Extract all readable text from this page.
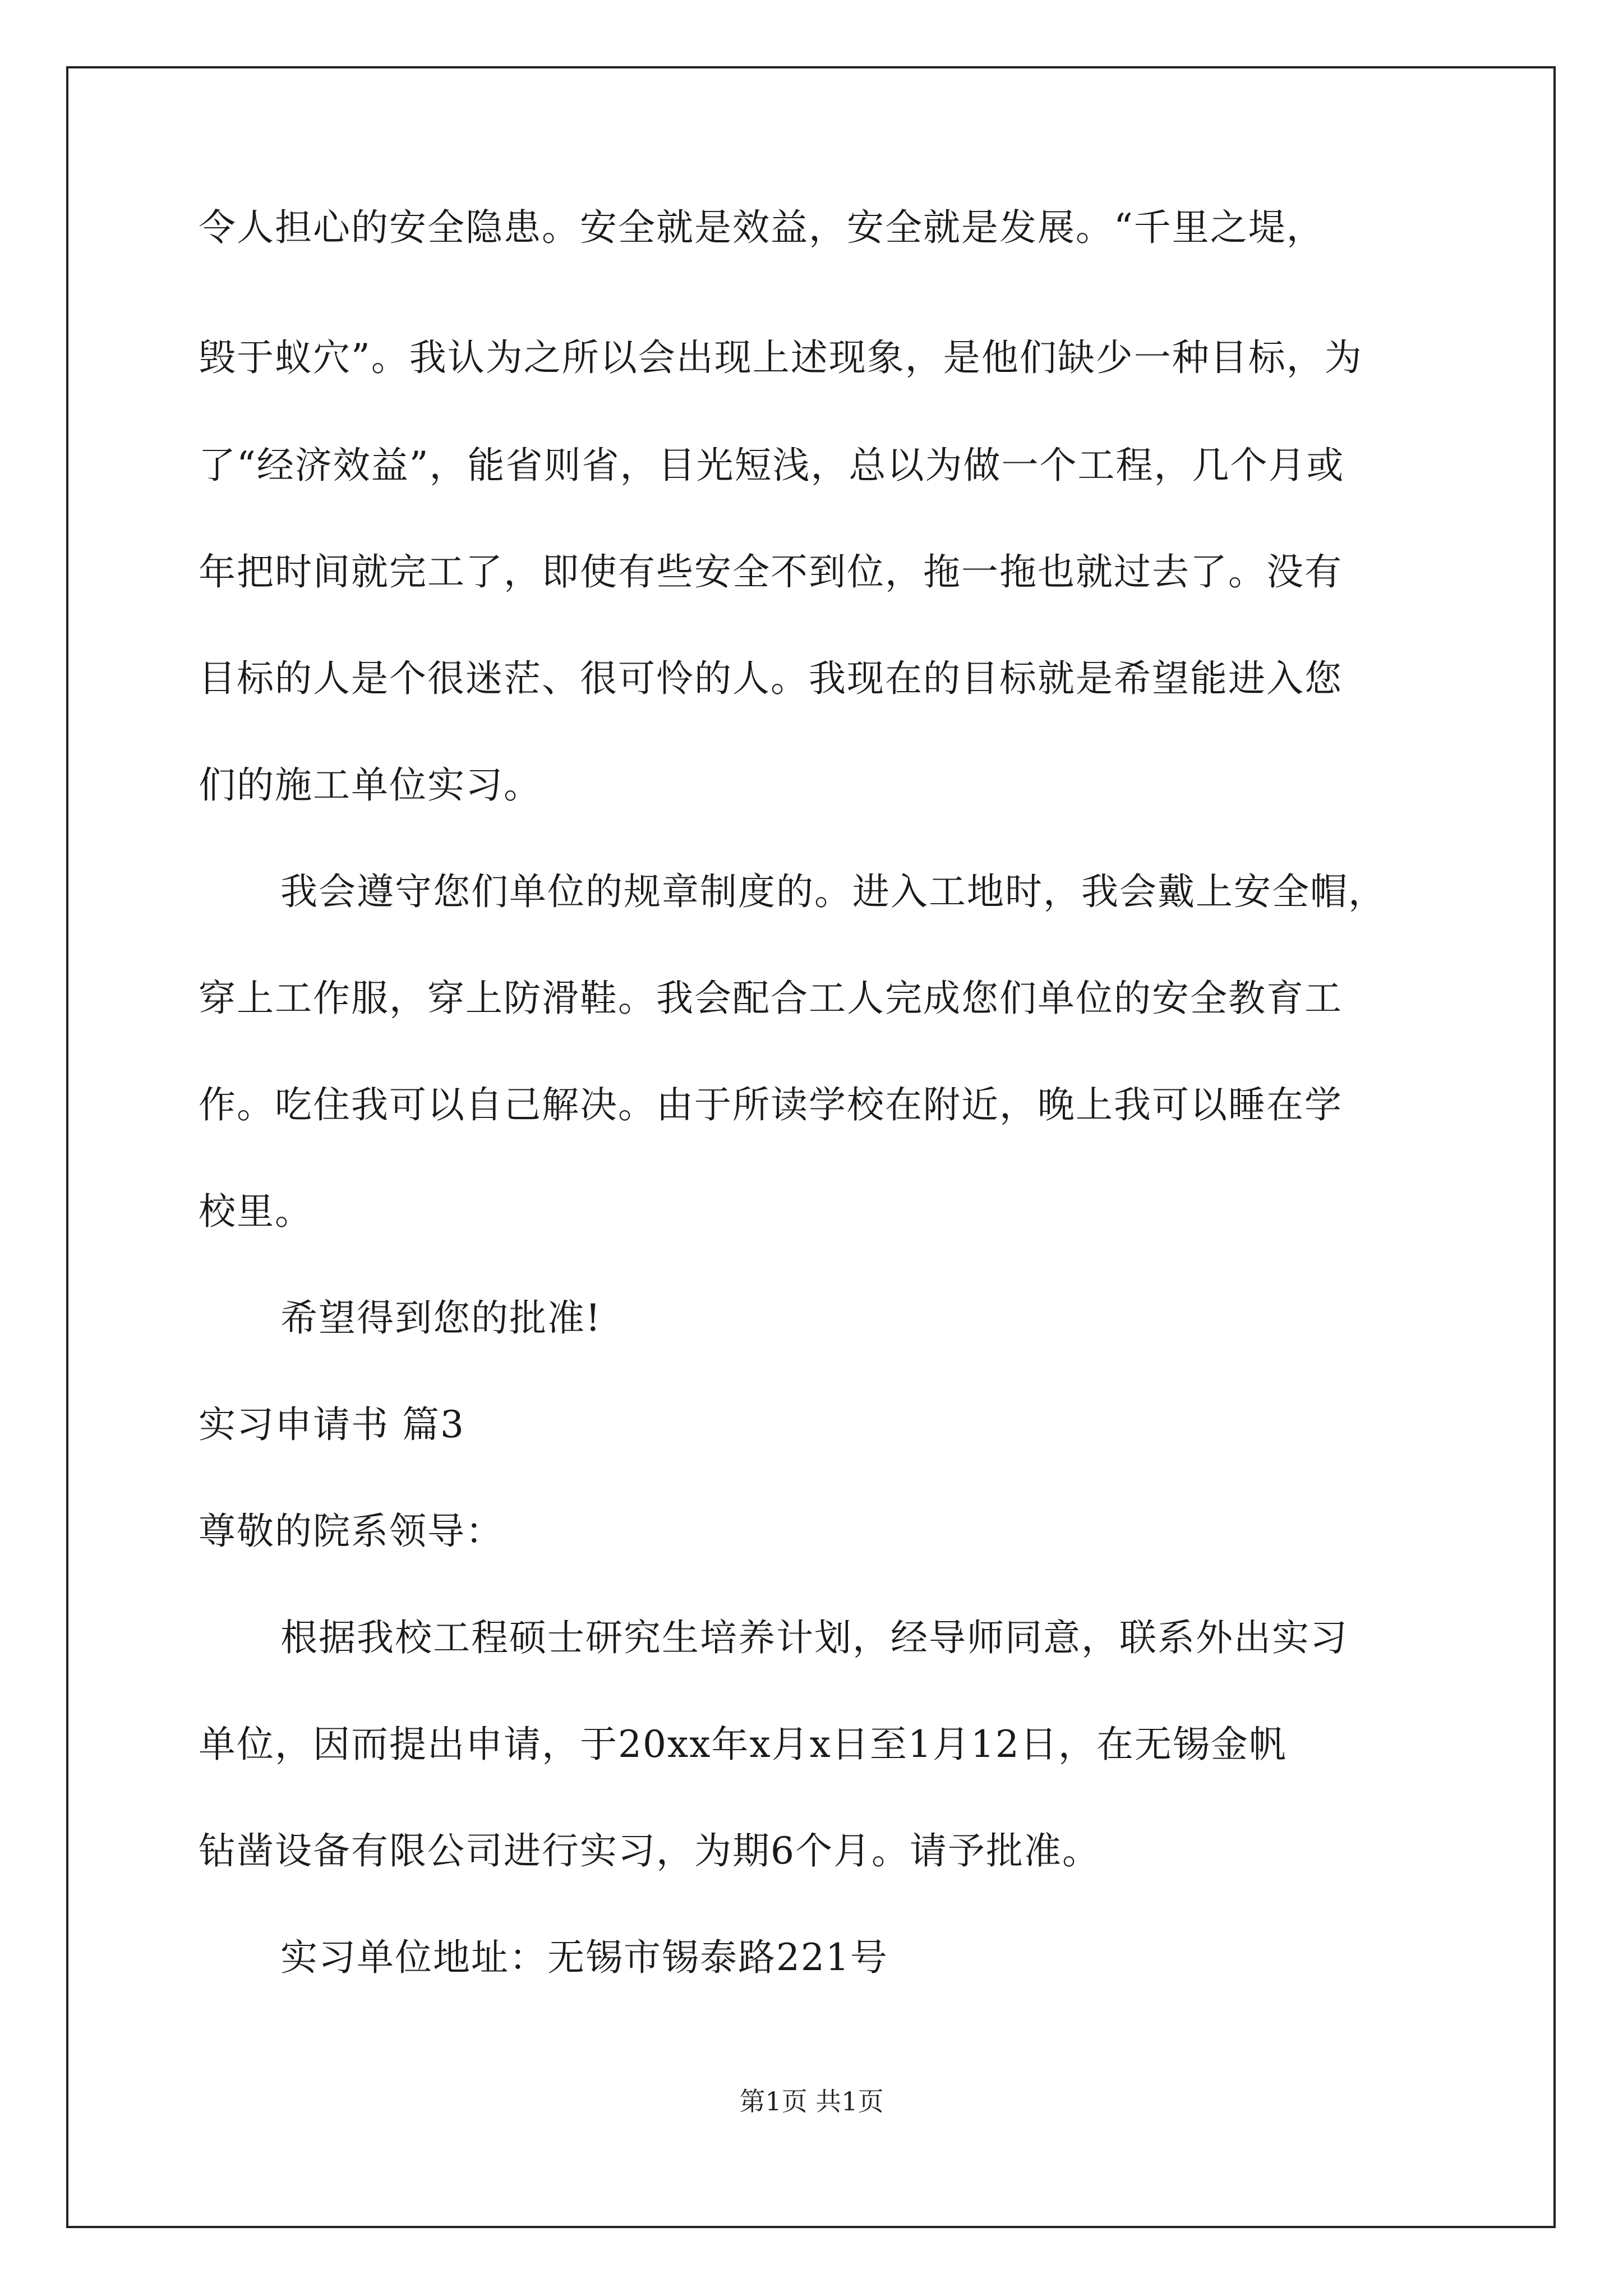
令人担心的安全隐患。安全就是效益，安全就是发展。“千里之堤，
毁于蚁穴”。我认为之所以会出现上述现象，是他们缺少一种目标，为
了“经济效益”，能省则省，目光短浅，总以为做一个工程，几个月或
年把时间就完工了，即使有些安全不到位，拖一拖也就过去了。没有
目标的人是个很迷茫、很可怜的人。我现在的目标就是希望能进入您
们的施工单位实习。
我会遵守您们单位的规章制度的。进入工地时，我会戴上安全帽，
穿上工作服，穿上防滑鞋。我会配合工人完成您们单位的安全教育工
作。吃住我可以自己解决。由于所读学校在附近，晚上我可以睡在学
校里。
希望得到您的批准!
实习申请书 篇3
尊敬的院系领导：
根据我校工程硕士研究生培养计划，经导师同意，联系外出实习
单位，因而提出申请，于20xx年x月x日至1月12日，在无锡金帆
钻凿设备有限公司进行实习，为期6个月。请予批准。
实习单位地址：无锡市锡泰路221号
第1页 共1页
